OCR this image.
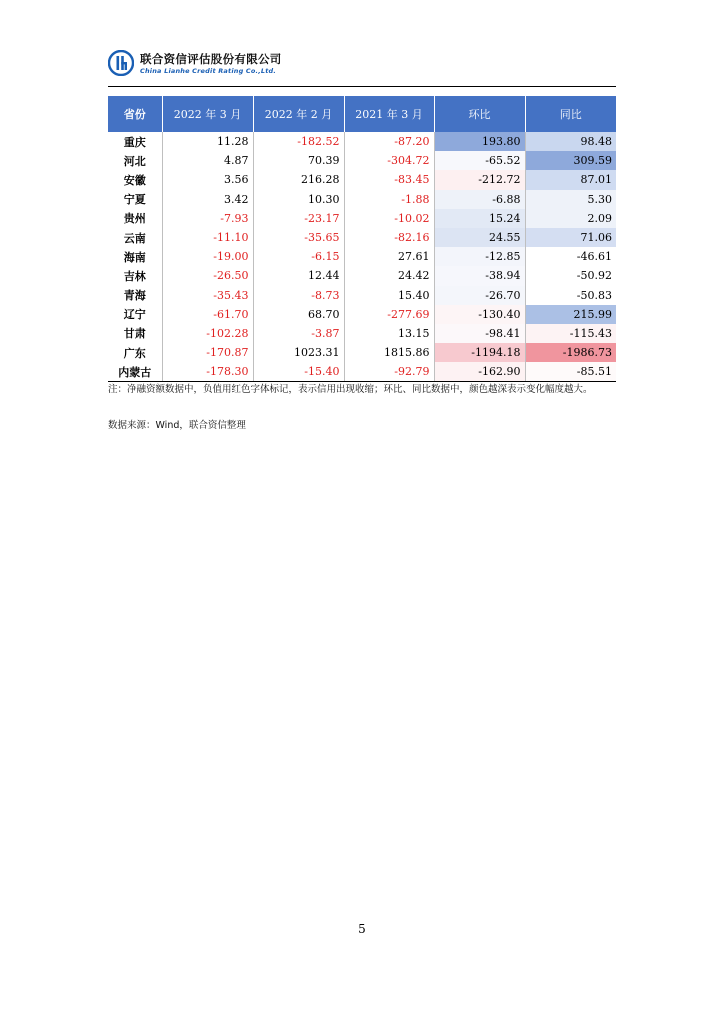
联合资信评估股份有限公司
China Lianhe Credit Rating Co.,Ltd.
省份	2022 年 3 月	2022 年 2 月	2021 年 3 月	环比	同比
重庆	11.28	-182.52	-87.20	193.80	98.48
河北	4.87	70.39	-304.72	-65.52	309.59
安徽	3.56	216.28	-83.45	-212.72	87.01
宁夏	3.42	10.30	-1.88	-6.88	5.30
贵州	-7.93	-23.17	-10.02	15.24	2.09
云南	-11.10	-35.65	-82.16	24.55	71.06
海南	-19.00	-6.15	27.61	-12.85	-46.61
吉林	-26.50	12.44	24.42	-38.94	-50.92
青海	-35.43	-8.73	15.40	-26.70	-50.83
辽宁	-61.70	68.70	-277.69	-130.40	215.99
甘肃	-102.28	-3.87	13.15	-98.41	-115.43
广东	-170.87	1023.31	1815.86	-1194.18	-1986.73
内蒙古	-178.30	-15.40	-92.79	-162.90	-85.51
注：净融资额数据中，负值用红色字体标记，表示信用出现收缩；环比、同比数据中，颜色越深表示变化幅度越大。
数据来源：Wind，联合资信整理
5
